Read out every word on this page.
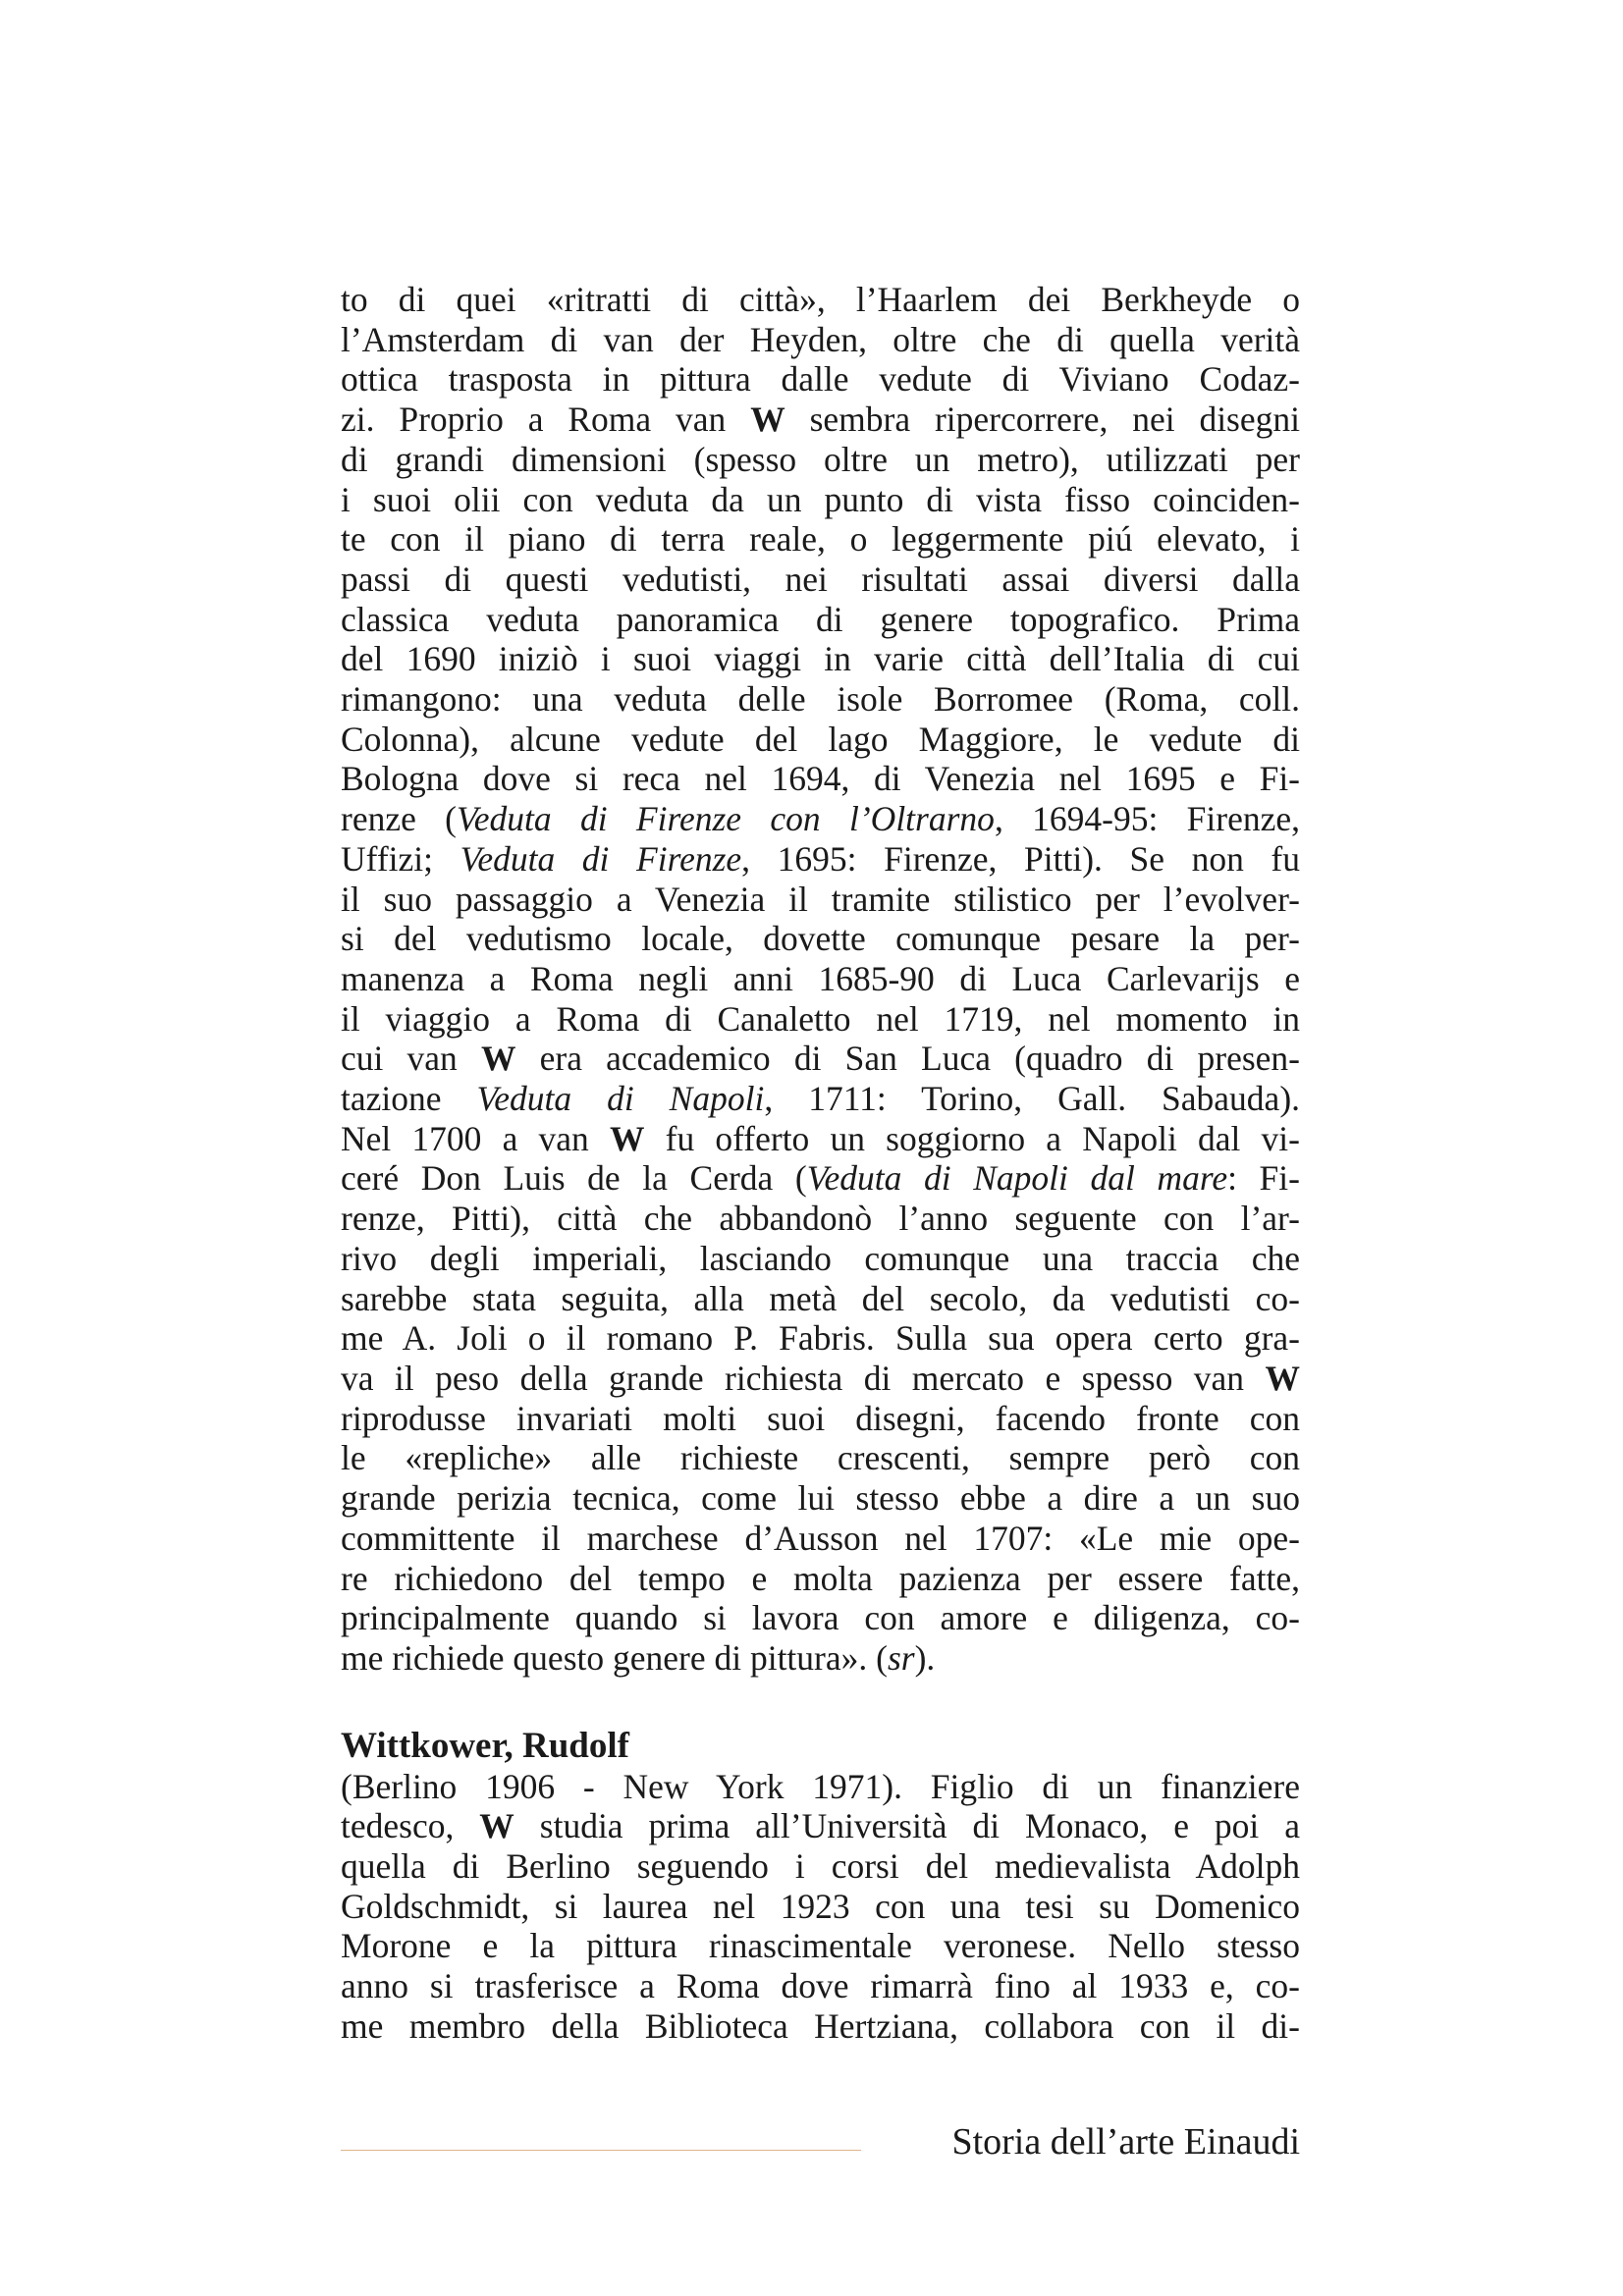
to di quei «ritratti di città», l’Haarlem dei Berkheyde o
l’Amsterdam di van der Heyden, oltre che di quella verità
ottica trasposta in pittura dalle vedute di Viviano Codaz-
zi. Proprio a Roma van W sembra ripercorrere, nei disegni
di grandi dimensioni (spesso oltre un metro), utilizzati per
i suoi olii con veduta da un punto di vista fisso coinciden-
te con il piano di terra reale, o leggermente piú elevato, i
passi di questi vedutisti, nei risultati assai diversi dalla
classica veduta panoramica di genere topografico. Prima
del 1690 iniziò i suoi viaggi in varie città dell’Italia di cui
rimangono: una veduta delle isole Borromee (Roma, coll.
Colonna), alcune vedute del lago Maggiore, le vedute di
Bologna dove si reca nel 1694, di Venezia nel 1695 e Fi-
renze (Veduta di Firenze con l’Oltrarno, 1694-95: Firenze,
Uffizi; Veduta di Firenze, 1695: Firenze, Pitti). Se non fu
il suo passaggio a Venezia il tramite stilistico per l’evolver-
si del vedutismo locale, dovette comunque pesare la per-
manenza a Roma negli anni 1685-90 di Luca Carlevarijs e
il viaggio a Roma di Canaletto nel 1719, nel momento in
cui van W era accademico di San Luca (quadro di presen-
tazione Veduta di Napoli, 1711: Torino, Gall. Sabauda).
Nel 1700 a van W fu offerto un soggiorno a Napoli dal vi-
ceré Don Luis de la Cerda (Veduta di Napoli dal mare: Fi-
renze, Pitti), città che abbandonò l’anno seguente con l’ar-
rivo degli imperiali, lasciando comunque una traccia che
sarebbe stata seguita, alla metà del secolo, da vedutisti co-
me A. Joli o il romano P. Fabris. Sulla sua opera certo gra-
va il peso della grande richiesta di mercato e spesso van W
riprodusse invariati molti suoi disegni, facendo fronte con
le «repliche» alle richieste crescenti, sempre però con
grande perizia tecnica, come lui stesso ebbe a dire a un suo
committente il marchese d’Ausson nel 1707: «Le mie ope-
re richiedono del tempo e molta pazienza per essere fatte,
principalmente quando si lavora con amore e diligenza, co-
me richiede questo genere di pittura». (sr).

Wittkower, Rudolf

(Berlino 1906 - New York 1971). Figlio di un finanziere
tedesco, W studia prima all’Università di Monaco, e poi a
quella di Berlino seguendo i corsi del medievalista Adolph
Goldschmidt, si laurea nel 1923 con una tesi su Domenico
Morone e la pittura rinascimentale veronese. Nello stesso
anno si trasferisce a Roma dove rimarrà fino al 1933 e, co-
me membro della Biblioteca Hertziana, collabora con il di-

Storia dell’arte Einaudi
